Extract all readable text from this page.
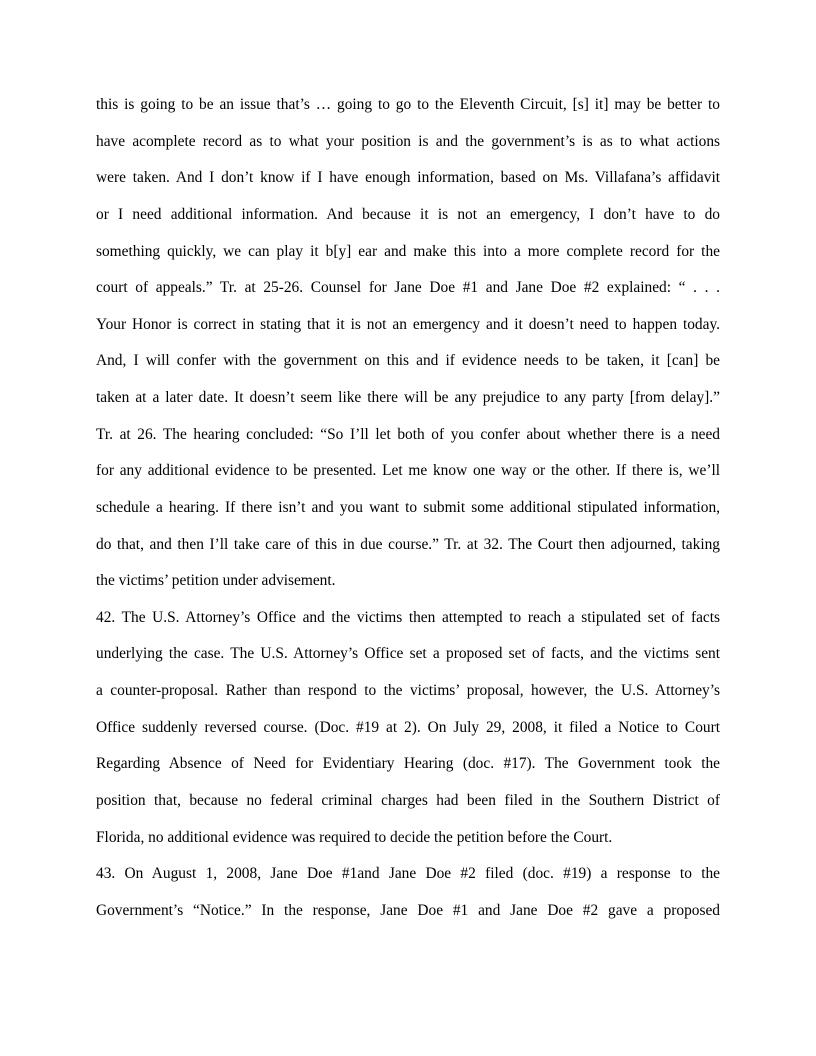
this is going to be an issue that’s … going to go to the Eleventh Circuit, [s] it] may be better to
have acomplete record as to what your position is and the government’s is as to what actions
were taken. And I don’t know if I have enough information, based on Ms. Villafana’s affidavit
or I need additional information. And because it is not an emergency, I don’t have to do
something quickly, we can play it b[y] ear and make this into a more complete record for the
court of appeals.” Tr. at 25-26. Counsel for Jane Doe #1 and Jane Doe #2 explained: “ . . .
Your Honor is correct in stating that it is not an emergency and it doesn’t need to happen today.
And, I will confer with the government on this and if evidence needs to be taken, it [can] be
taken at a later date. It doesn’t seem like there will be any prejudice to any party [from delay].”
Tr. at 26. The hearing concluded: “So I’ll let both of you confer about whether there is a need
for any additional evidence to be presented. Let me know one way or the other. If there is, we’ll
schedule a hearing. If there isn’t and you want to submit some additional stipulated information,
do that, and then I’ll take care of this in due course.” Tr. at 32. The Court then adjourned, taking
the victims’ petition under advisement.
42. The U.S. Attorney’s Office and the victims then attempted to reach a stipulated set of facts
underlying the case. The U.S. Attorney’s Office set a proposed set of facts, and the victims sent
a counter-proposal. Rather than respond to the victims’ proposal, however, the U.S. Attorney’s
Office suddenly reversed course. (Doc. #19 at 2). On July 29, 2008, it filed a Notice to Court
Regarding Absence of Need for Evidentiary Hearing (doc. #17). The Government took the
position that, because no federal criminal charges had been filed in the Southern District of
Florida, no additional evidence was required to decide the petition before the Court.
43. On August 1, 2008, Jane Doe #1and Jane Doe #2 filed (doc. #19) a response to the
Government’s “Notice.” In the response, Jane Doe #1 and Jane Doe #2 gave a proposed
